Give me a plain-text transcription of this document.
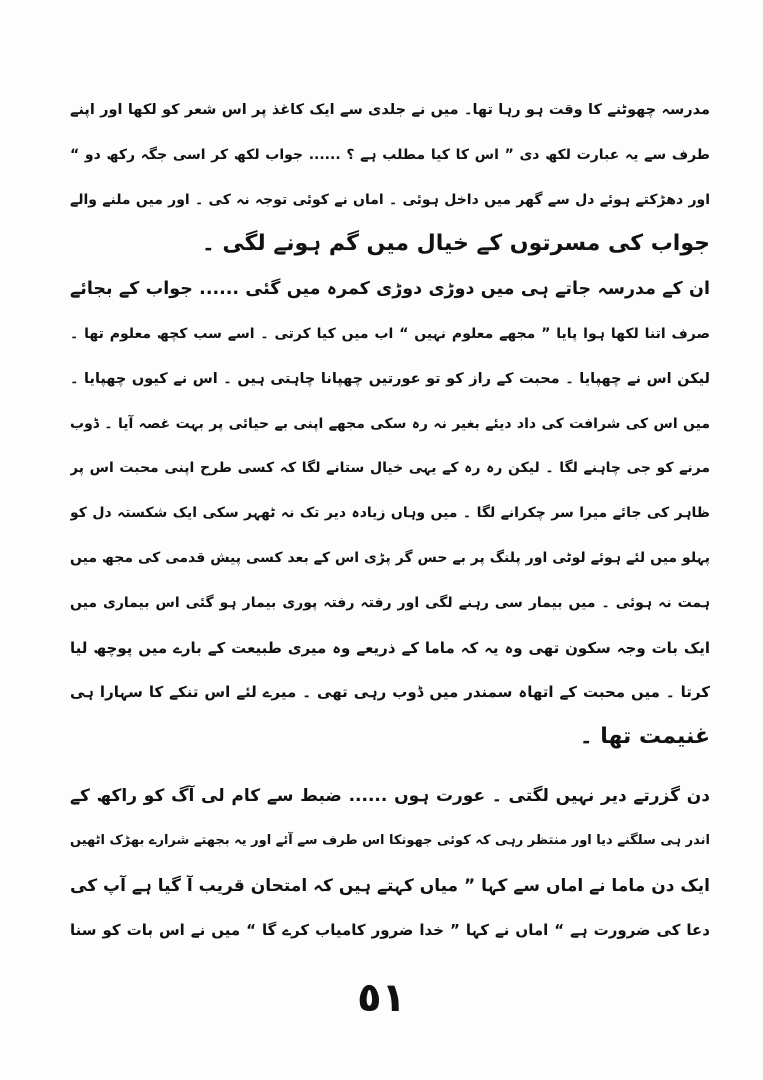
مدرسہ چھوٹنے کا وقت ہو رہا تھا۔ میں نے جلدی سے ایک کاغذ پر اس شعر کو لکھا اور اپنے
طرف سے یہ عبارت لکھ دی ” اس کا کیا مطلب ہے ؟ ...... جواب لکھ کر اسی جگہ رکھ دو “
اور دھڑکتے ہوئے دل سے گھر میں داخل ہوئی ۔ اماں نے کوئی توجہ نہ کی ۔ اور میں ملنے والے
جواب کی مسرتوں کے خیال میں گم ہونے لگی ۔
ان کے مدرسہ جاتے ہی میں دوڑی دوڑی کمرہ میں گئی ...... جواب کے بجائے
صرف اتنا لکھا ہوا پایا ” مجھے معلوم نہیں “ اب میں کیا کرتی ۔ اسے سب کچھ معلوم تھا ۔
لیکن اس نے چھپایا ۔ محبت کے راز کو تو عورتیں چھپانا چاہتی ہیں ۔ اس نے کیوں چھپایا ۔
میں اس کی شرافت کی داد دیئے بغیر نہ رہ سکی مجھے اپنی بے حیائی پر بہت غصہ آیا ۔ ڈوب
مرنے کو جی چاہنے لگا ۔ لیکن رہ رہ کے یہی خیال ستانے لگا کہ کسی طرح اپنی محبت اس پر
ظاہر کی جائے میرا سر چکرانے لگا ۔ میں وہاں زیادہ دیر تک نہ ٹھہر سکی ایک شکستہ دل کو
پہلو میں لئے ہوئے لوٹی اور پلنگ پر بے حس گر پڑی اس کے بعد کسی پیش قدمی کی مجھ میں
ہمت نہ ہوئی ۔ میں بیمار سی رہنے لگی اور رفتہ رفتہ پوری بیمار ہو گئی اس بیماری میں
ایک بات وجہ سکون تھی وہ یہ کہ ماما کے ذریعے وہ میری طبیعت کے بارے میں پوچھ لیا
کرتا ۔ میں محبت کے اتھاہ سمندر میں ڈوب رہی تھی ۔ میرے لئے اس تنکے کا سہارا ہی
غنیمت تھا ۔
دن گزرتے دیر نہیں لگتی ۔ عورت ہوں ...... ضبط سے کام لی آگ کو راکھ کے
اندر ہی سلگنے دیا اور منتظر رہی کہ کوئی جھونکا اس طرف سے آئے اور یہ بجھتے شرارے بھڑک اٹھیں
ایک دن ماما نے اماں سے کہا ” میاں کہتے ہیں کہ امتحان قریب آ گیا ہے آپ کی
دعا کی ضرورت ہے “ اماں نے کہا ” خدا ضرور کامیاب کرے گا “ میں نے اس بات کو سنا
٥١
